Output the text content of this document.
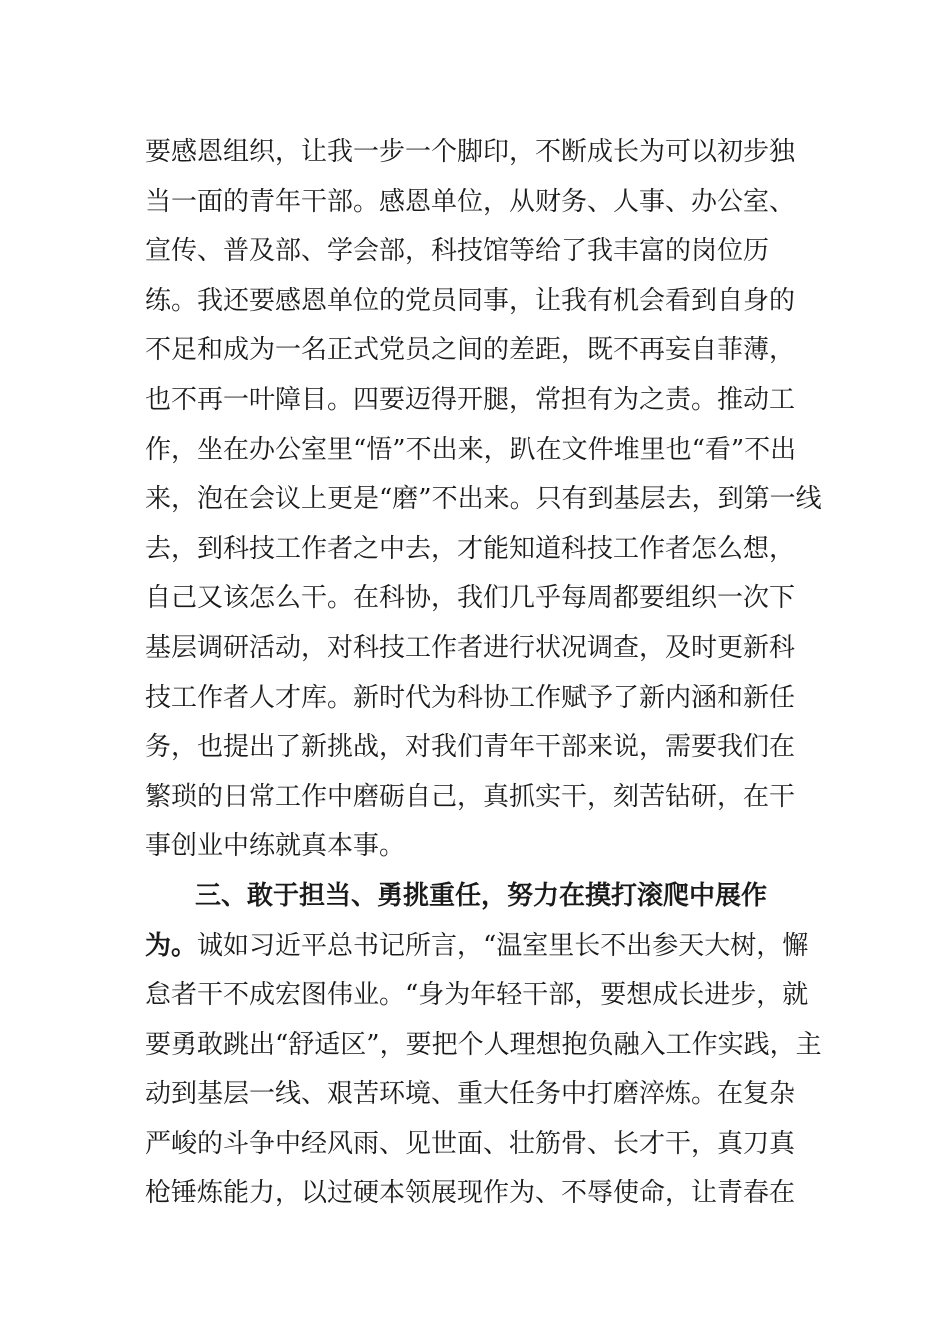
要感恩组织，让我一步一个脚印，不断成长为可以初步独
当一面的青年干部。感恩单位，从财务、人事、办公室、
宣传、普及部、学会部，科技馆等给了我丰富的岗位历
练。我还要感恩单位的党员同事，让我有机会看到自身的
不足和成为一名正式党员之间的差距，既不再妄自菲薄，
也不再一叶障目。四要迈得开腿，常担有为之责。推动工
作，坐在办公室里“悟”不出来，趴在文件堆里也“看”不出
来，泡在会议上更是“磨”不出来。只有到基层去，到第一线
去，到科技工作者之中去，才能知道科技工作者怎么想，
自己又该怎么干。在科协，我们几乎每周都要组织一次下
基层调研活动，对科技工作者进行状况调查，及时更新科
技工作者人才库。新时代为科协工作赋予了新内涵和新任
务，也提出了新挑战，对我们青年干部来说，需要我们在
繁琐的日常工作中磨砺自己，真抓实干，刻苦钻研，在干
事创业中练就真本事。
三、敢于担当、勇挑重任，努力在摸打滚爬中展作
为。诚如习近平总书记所言，“温室里长不出参天大树，懈
怠者干不成宏图伟业。“身为年轻干部，要想成长进步，就
要勇敢跳出“舒适区”，要把个人理想抱负融入工作实践，主
动到基层一线、艰苦环境、重大任务中打磨淬炼。在复杂
严峻的斗争中经风雨、见世面、壮筋骨、长才干，真刀真
枪锤炼能力，以过硬本领展现作为、不辱使命，让青春在
